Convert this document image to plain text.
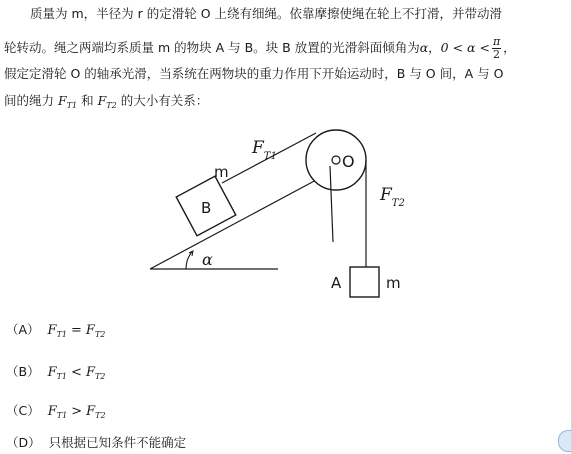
质量为 m，半径为 r 的定滑轮 O 上绕有细绳。依靠摩擦使绳在轮上不打滑，并带动滑
轮转动。绳之两端均系质量 m 的物块 A 与 B。块 B 放置的光滑斜面倾角为α，$0 < \alpha < \frac{\pi}{2}$ ，
假定定滑轮 O 的轴承光滑，当系统在两物块的重力作用下开始运动时，B 与 O 间，A 与 O
间的绳力 $F_{T1}$ 和 $F_{T2}$ 的大小有关系：
$F_{T1}$	O
$F_{T2}$
m
B
α
A	m
（A） $F_{T1} = F_{T2}$
（B） $F_{T1} < F_{T2}$
（C） $F_{T1} > F_{T2}$
（D） 只根据已知条件不能确定
